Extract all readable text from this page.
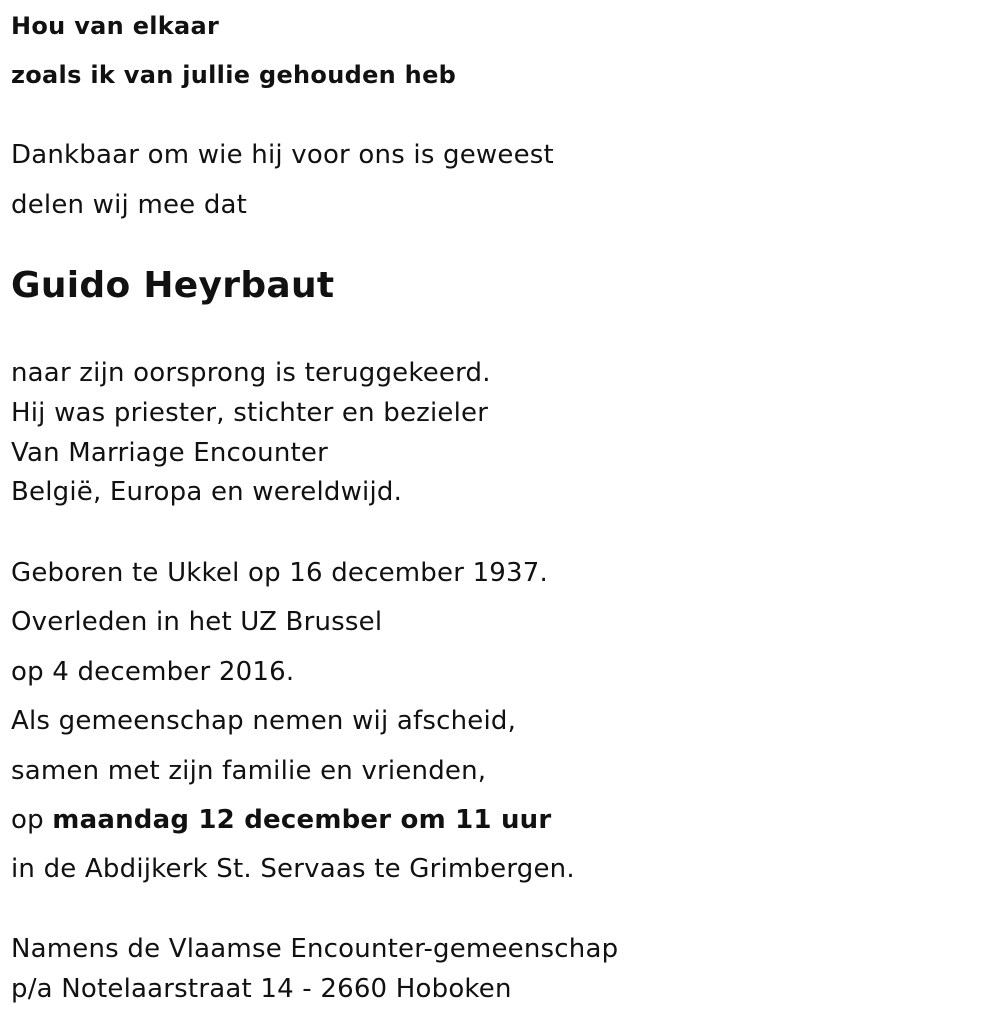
Hou van elkaar
zoals ik van jullie gehouden heb
Dankbaar om wie hij voor ons is geweest
delen wij mee dat
Guido Heyrbaut
naar zijn oorsprong is teruggekeerd.
Hij was priester, stichter en bezieler
Van Marriage Encounter
België, Europa en wereldwijd.
Geboren te Ukkel op 16 december 1937.
Overleden in het UZ Brussel
op 4 december 2016.
Als gemeenschap nemen wij afscheid,
samen met zijn familie en vrienden,
op maandag 12 december om 11 uur
in de Abdijkerk St. Servaas te Grimbergen.
Namens de Vlaamse Encounter-gemeenschap
p/a Notelaarstraat 14 - 2660 Hoboken
